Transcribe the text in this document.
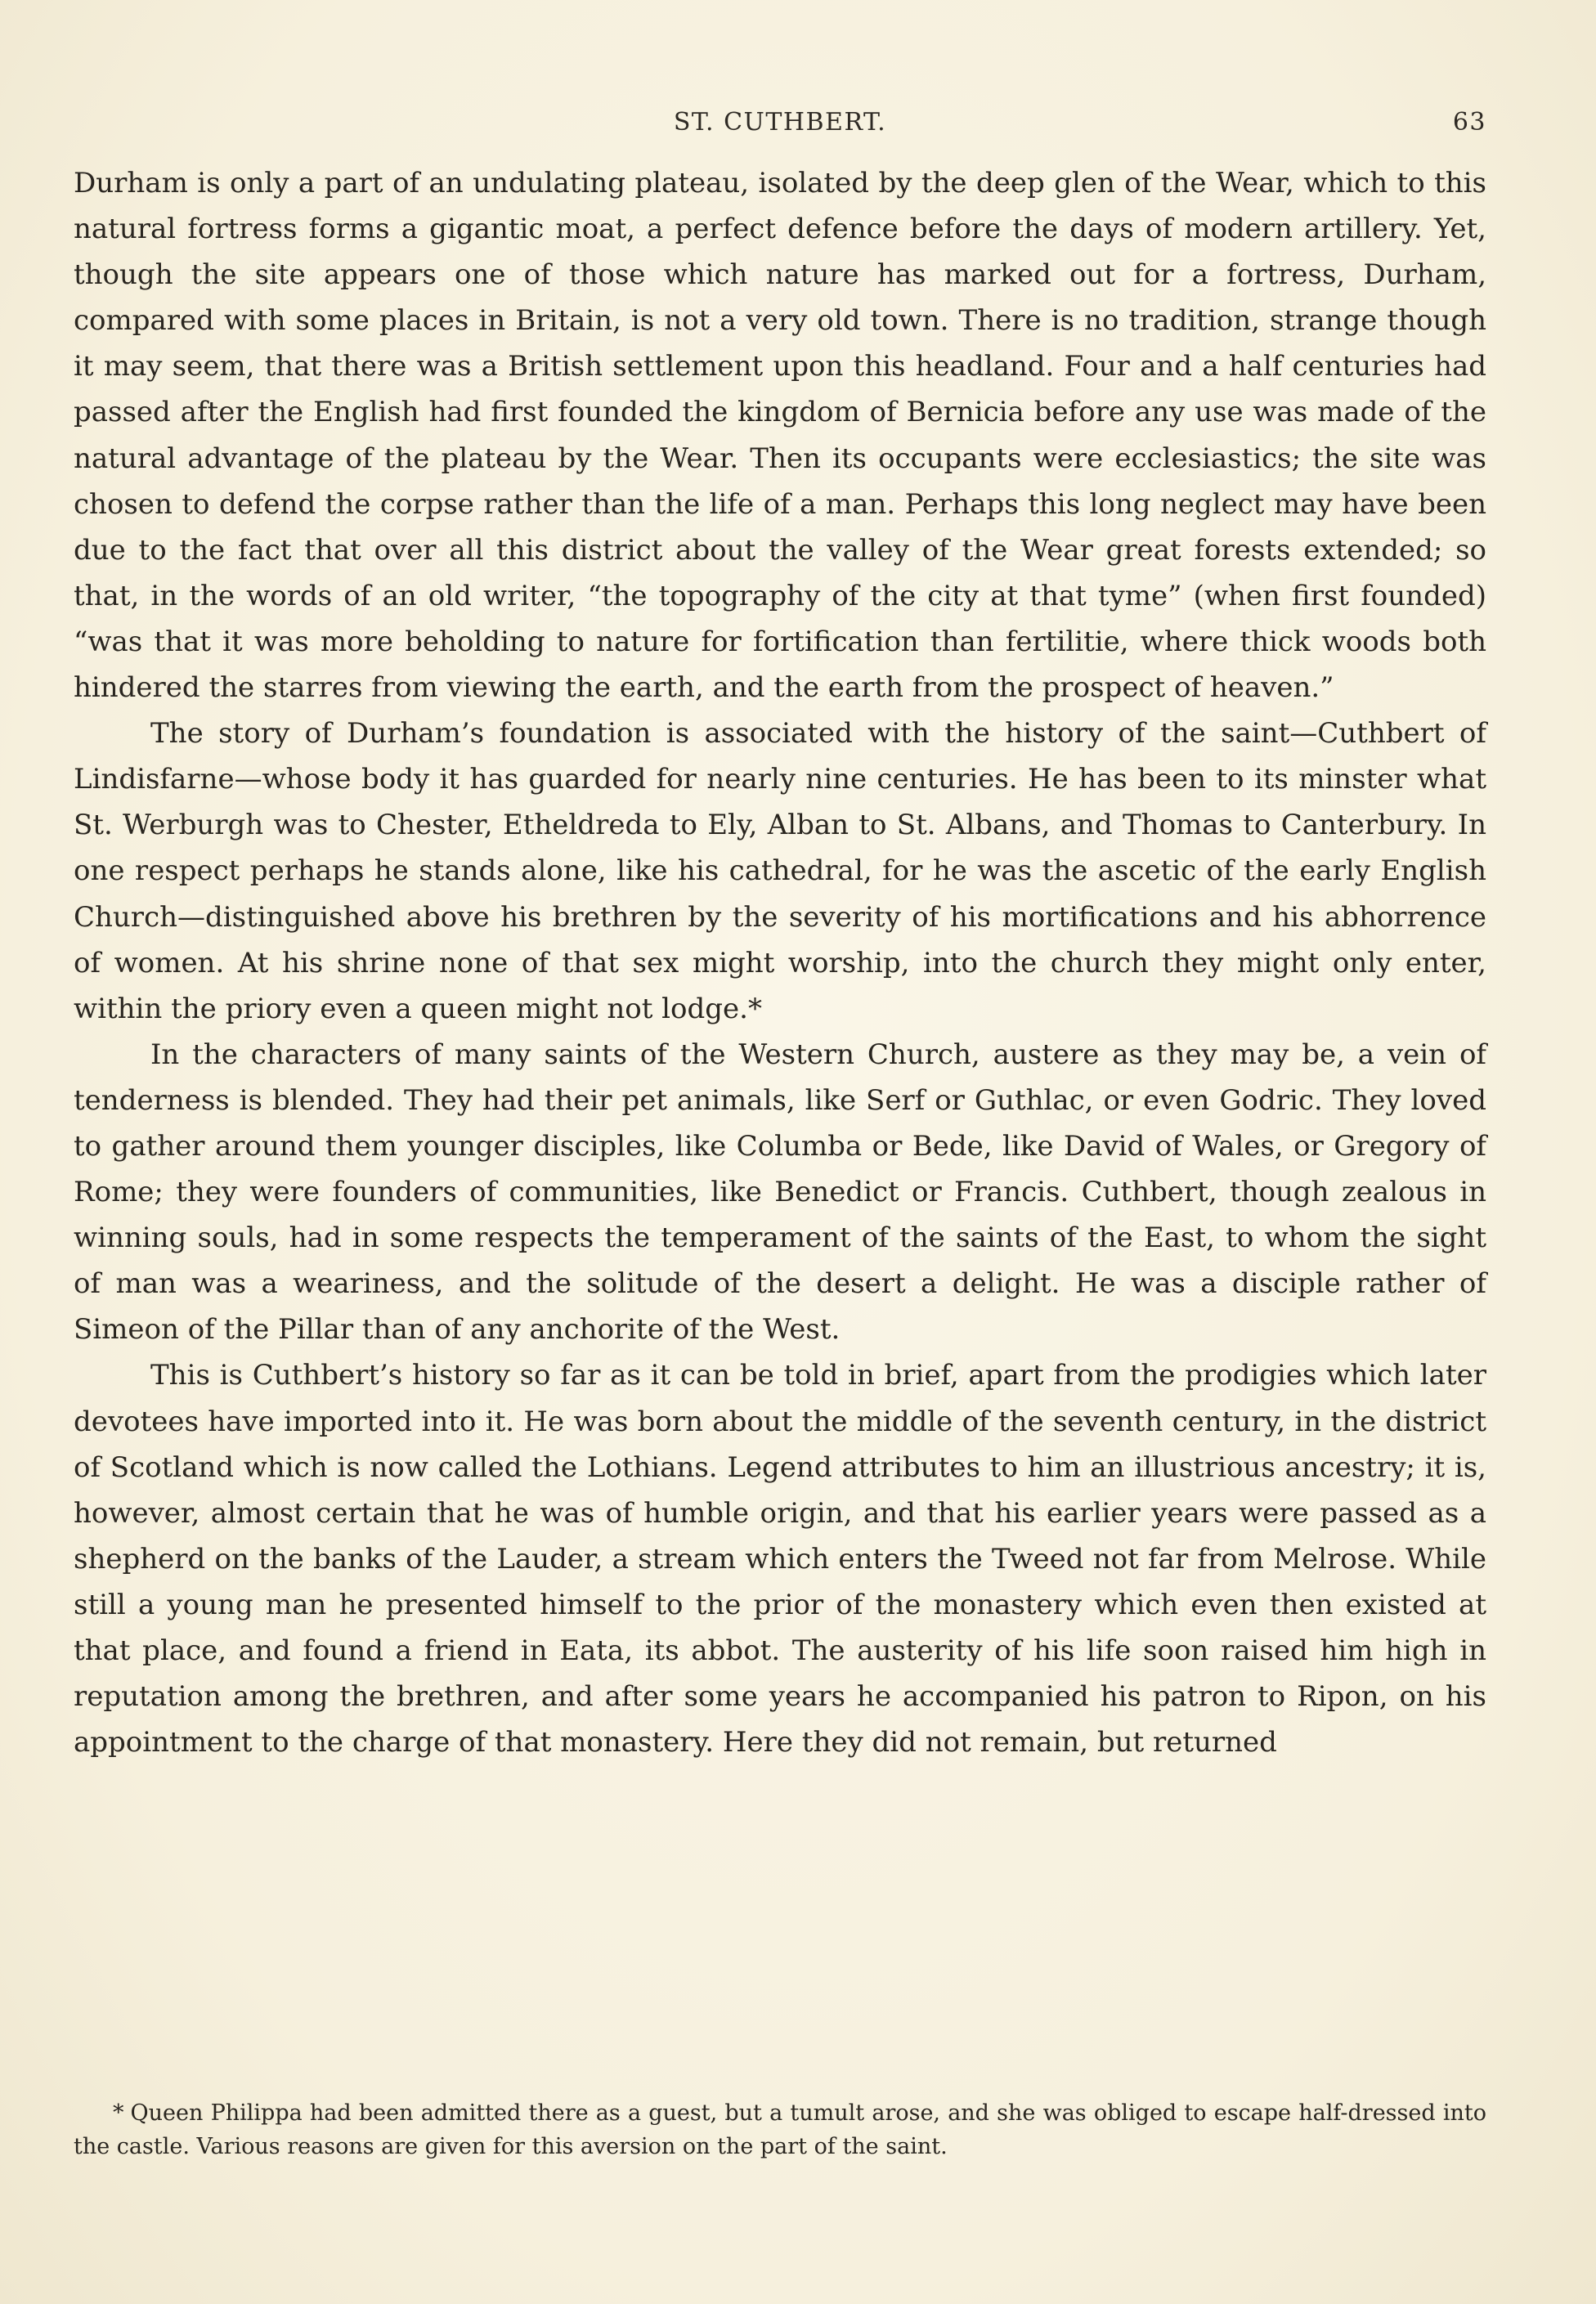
ST. CUTHBERT.	63

Durham is only a part of an undulating plateau, isolated by the deep glen of the Wear, which to this natural fortress forms a gigantic moat, a perfect defence before the days of modern artillery. Yet, though the site appears one of those which nature has marked out for a fortress, Durham, compared with some places in Britain, is not a very old town. There is no tradition, strange though it may seem, that there was a British settlement upon this headland. Four and a half centuries had passed after the English had first founded the kingdom of Bernicia before any use was made of the natural advantage of the plateau by the Wear. Then its occupants were ecclesiastics; the site was chosen to defend the corpse rather than the life of a man. Perhaps this long neglect may have been due to the fact that over all this district about the valley of the Wear great forests extended; so that, in the words of an old writer, “the topography of the city at that tyme” (when first founded) “was that it was more beholding to nature for fortification than fertilitie, where thick woods both hindered the starres from viewing the earth, and the earth from the prospect of heaven.”

The story of Durham’s foundation is associated with the history of the saint—Cuthbert of Lindisfarne—whose body it has guarded for nearly nine centuries. He has been to its minster what St. Werburgh was to Chester, Etheldreda to Ely, Alban to St. Albans, and Thomas to Canterbury. In one respect perhaps he stands alone, like his cathedral, for he was the ascetic of the early English Church—distinguished above his brethren by the severity of his mortifications and his abhorrence of women. At his shrine none of that sex might worship, into the church they might only enter, within the priory even a queen might not lodge.*

In the characters of many saints of the Western Church, austere as they may be, a vein of tenderness is blended. They had their pet animals, like Serf or Guthlac, or even Godric. They loved to gather around them younger disciples, like Columba or Bede, like David of Wales, or Gregory of Rome; they were founders of communities, like Benedict or Francis. Cuthbert, though zealous in winning souls, had in some respects the temperament of the saints of the East, to whom the sight of man was a weariness, and the solitude of the desert a delight. He was a disciple rather of Simeon of the Pillar than of any anchorite of the West.

This is Cuthbert’s history so far as it can be told in brief, apart from the prodigies which later devotees have imported into it. He was born about the middle of the seventh century, in the district of Scotland which is now called the Lothians. Legend attributes to him an illustrious ancestry; it is, however, almost certain that he was of humble origin, and that his earlier years were passed as a shepherd on the banks of the Lauder, a stream which enters the Tweed not far from Melrose. While still a young man he presented himself to the prior of the monastery which even then existed at that place, and found a friend in Eata, its abbot. The austerity of his life soon raised him high in reputation among the brethren, and after some years he accompanied his patron to Ripon, on his appointment to the charge of that monastery. Here they did not remain, but returned

* Queen Philippa had been admitted there as a guest, but a tumult arose, and she was obliged to escape half-dressed into the castle. Various reasons are given for this aversion on the part of the saint.
